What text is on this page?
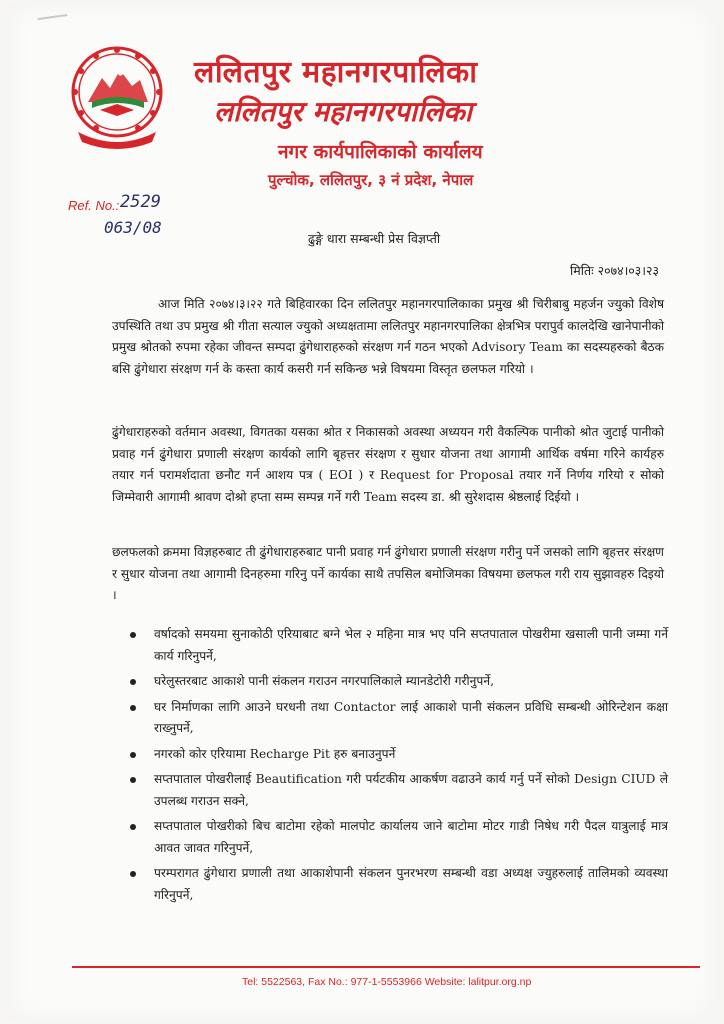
ललितपुर महानगरपालिका
ललितपुर महानगरपालिका
नगर कार्यपालिकाको कार्यालय
पुल्चोक, ललितपुर, ३ नं प्रदेश, नेपाल
Ref. No.: 2529
063/08
ढुङ्गे धारा सम्बन्धी प्रेस विज्ञप्ती
मितिः २०७४।०३।२३

आज मिति २०७४।३।२२ गते बिहिवारका दिन ललितपुर महानगरपालिकाका प्रमुख श्री चिरीबाबु महर्जन ज्युको विशेष उपस्थिति तथा उप प्रमुख श्री गीता सत्याल ज्युको अध्यक्षतामा ललितपुर महानगरपालिका क्षेत्रभित्र परापुर्व कालदेखि खानेपानीको प्रमुख श्रोतको रुपमा रहेका जीवन्त सम्पदा ढुंगेधाराहरुको संरक्षण गर्न गठन भएको Advisory Team का सदस्यहरुको बैठक बसि ढुंगेधारा संरक्षण गर्न के कस्ता कार्य कसरी गर्न सकिन्छ भन्ने विषयमा विस्तृत छलफल गरियो ।

ढुंगेधाराहरुको वर्तमान अवस्था, विगतका यसका श्रोत र निकासको अवस्था अध्ययन गरी वैकल्पिक पानीको श्रोत जुटाई पानीको प्रवाह गर्न ढुंगेधारा प्रणाली संरक्षण कार्यको लागि बृहत्तर संरक्षण र सुधार योजना तथा आगामी आर्थिक वर्षमा गरिने कार्यहरु तयार गर्न परामर्शदाता छनौट गर्न आशय पत्र ( EOI ) र Request for Proposal तयार गर्ने निर्णय गरियो र सोको जिम्मेवारी आगामी श्रावण दोश्रो हप्ता सम्म सम्पन्न गर्ने गरी Team सदस्य डा. श्री सुरेशदास श्रेष्ठलाई दिईयो ।

छलफलको क्रममा विज्ञहरुबाट ती ढुंगेधाराहरुबाट पानी प्रवाह गर्न ढुंगेधारा प्रणाली संरक्षण गरीनु पर्ने जसको लागि बृहत्तर संरक्षण र सुधार योजना तथा आगामी दिनहरुमा गरिनु पर्ने कार्यका साथै तपसिल बमोजिमका विषयमा छलफल गरी राय सुझावहरु दिइयो ।

वर्षादको समयमा सुनाकोठी एरियाबाट बग्ने भेल २ महिना मात्र भए पनि सप्तपाताल पोखरीमा खसाली पानी जम्मा गर्ने कार्य गरिनुपर्ने,
घरेलुस्तरबाट आकाशे पानी संकलन गराउन नगरपालिकाले म्यानडेटोरी गरीनुपर्ने,
घर निर्माणका लागि आउने घरधनी तथा Contactor लाई आकाशे पानी संकलन प्रविधि सम्बन्धी ओरिन्टेशन कक्षा राख्नुपर्ने,
नगरको कोर एरियामा Recharge Pit हरु बनाउनुपर्ने
सप्तपाताल पोखरीलाई Beautification गरी पर्यटकीय आकर्षण वढाउने कार्य गर्नु पर्ने सोको Design CIUD ले उपलब्ध गराउन सक्ने,
सप्तपाताल पोखरीको बिच बाटोमा रहेको मालपोट कार्यालय जाने बाटोमा मोटर गाडी निषेध गरी पैदल यात्रुलाई मात्र आवत जावत गरिनुपर्ने,
परम्परागत ढुंगेधारा प्रणाली तथा आकाशेपानी संकलन पुनरभरण सम्बन्धी वडा अध्यक्ष ज्युहरुलाई तालिमको व्यवस्था गरिनुपर्ने,
Tel: 5522563, Fax No.: 977-1-5553966 Website: lalitpur.org.np
